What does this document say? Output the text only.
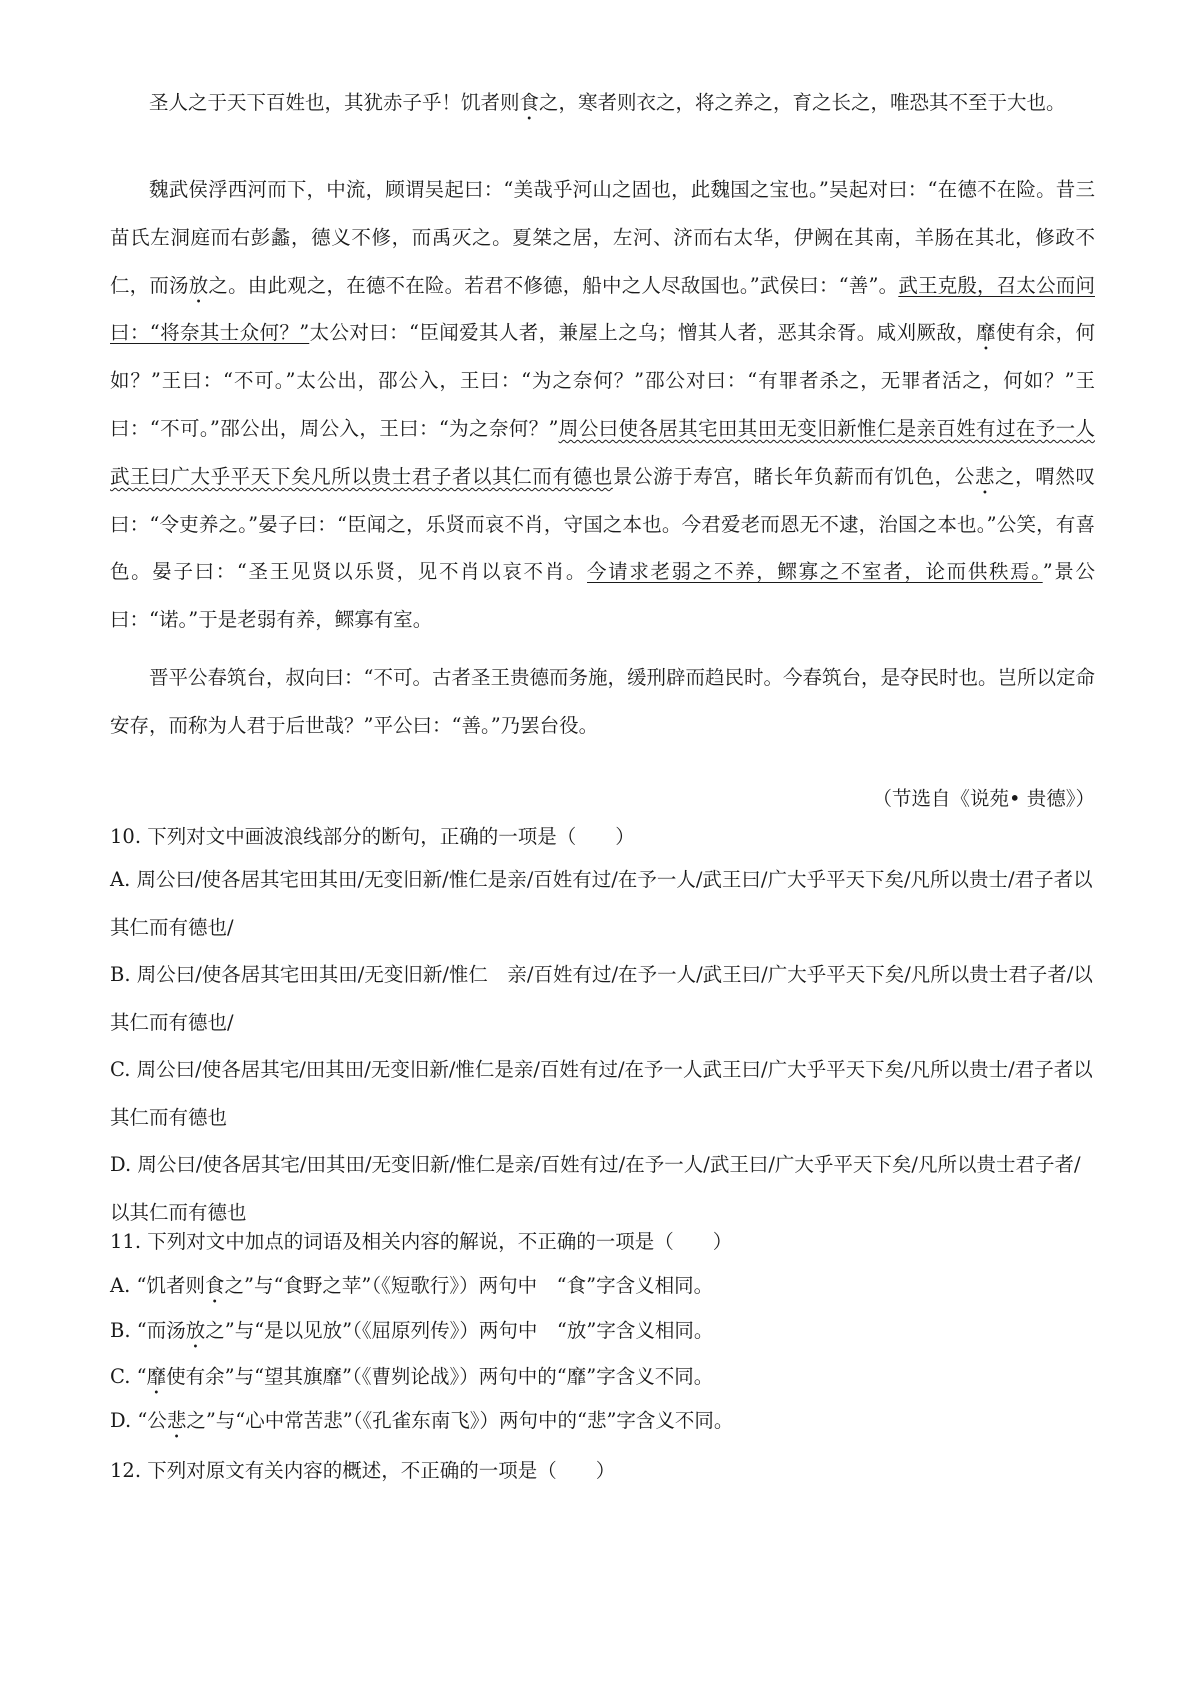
圣人之于天下百姓也，其犹赤子乎！饥者则食之，寒者则衣之，将之养之，育之长之，唯恐其不至于大也。

魏武侯浮西河而下，中流，顾谓吴起曰：“美哉乎河山之固也，此魏国之宝也。”吴起对曰：“在德不在险。昔三苗氏左洞庭而右彭蠡，德义不修，而禹灭之。夏桀之居，左河、济而右太华，伊阙在其南，羊肠在其北，修政不仁，而汤放之。由此观之，在德不在险。若君不修德，船中之人尽敌国也。”武侯曰：“善”。武王克殷，召太公而问曰：“将奈其士众何？”太公对曰：“臣闻爱其人者，兼屋上之乌；憎其人者，恶其余胥。咸刈厥敌，靡使有余，何如？”王曰：“不可。”太公出，邵公入，王曰：“为之奈何？”邵公对曰：“有罪者杀之，无罪者活之，何如？”王曰：“不可。”邵公出，周公入，王曰：“为之奈何？”周公曰使各居其宅田其田无变旧新惟仁是亲百姓有过在予一人武王曰广大乎平天下矣凡所以贵士君子者以其仁而有德也景公游于寿宫，睹长年负薪而有饥色，公悲之，喟然叹曰：“令吏养之。”晏子曰：“臣闻之，乐贤而哀不肖，守国之本也。今君爱老而恩无不逮，治国之本也。”公笑，有喜色。晏子曰：“圣王见贤以乐贤，见不肖以哀不肖。今请求老弱之不养，鳏寡之不室者，论而供秩焉。”景公曰：“诺。”于是老弱有养，鳏寡有室。

晋平公春筑台，叔向曰：“不可。古者圣王贵德而务施，缓刑辟而趋民时。今春筑台，是夺民时也。岂所以定命安存，而称为人君于后世哉？”平公曰：“善。”乃罢台役。

（节选自《说苑• 贵德》）
10. 下列对文中画波浪线部分的断句，正确的一项是（　　）
A. 周公曰/使各居其宅田其田/无变旧新/惟仁是亲/百姓有过/在予一人/武王曰/广大乎平天下矣/凡所以贵士/君子者以其仁而有德也/
B. 周公曰/使各居其宅田其田/无变旧新/惟仁　亲/百姓有过/在予一人/武王曰/广大乎平天下矣/凡所以贵士君子者/以其仁而有德也/
C. 周公曰/使各居其宅/田其田/无变旧新/惟仁是亲/百姓有过/在予一人武王曰/广大乎平天下矣/凡所以贵士/君子者以其仁而有德也
D. 周公曰/使各居其宅/田其田/无变旧新/惟仁是亲/百姓有过/在予一人/武王曰/广大乎平天下矣/凡所以贵士君子者/以其仁而有德也
11. 下列对文中加点的词语及相关内容的解说，不正确的一项是（　　）
A. “饥者则食之”与“食野之苹”（《短歌行》）两句中　“食”字含义相同。
B. “而汤放之”与“是以见放”（《屈原列传》）两句中　“放”字含义相同。
C. “靡使有余”与“望其旗靡”（《曹刿论战》）两句中的“靡”字含义不同。
D. “公悲之”与“心中常苦悲”（《孔雀东南飞》）两句中的“悲”字含义不同。
12. 下列对原文有关内容的概述，不正确的一项是（　　）
